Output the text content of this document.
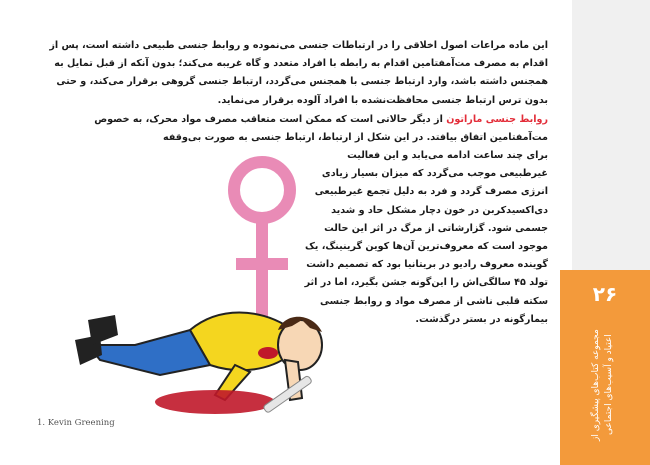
۲۶
مجموعه کتاب‌های پیشگیری از اعتیاد و آسیب‌های اجتماعی
این ماده مراعات اصول اخلاقی را در ارتباطات جنسی می‌نموده و روابط جنسی طبیعی داشته است، پس از اقدام به مصرف مت‌آمفتامین اقدام به رابطه با افراد متعدد و گاه غریبه می‌کند؛ بدون آنکه از قبل تمایل به همجنس داشته باشد، وارد ارتباط جنسی با همجنس می‌گردد، ارتباط جنسی گروهی برقرار می‌کند، و حتی بدون ترس ارتباط جنسی محافظت‌نشده با افراد آلوده برقرار می‌نماید.
روابط جنسی ماراتون از دیگر حالاتی است که ممکن است متعاقب مصرف مواد محرک، به خصوص مت‌آمفتامین اتفاق بیافتد. در این شکل از ارتباط، ارتباط جنسی به صورت بی‌وقفه
برای چند ساعت ادامه می‌یابد و این فعالیت غیرطبیعی موجب می‌گردد که میزان بسیار زیادی انرژی مصرف گردد و فرد به دلیل تجمع غیرطبیعی دی‌اکسیدکربن در خون دچار مشکل حاد و شدید جسمی شود. گزارشاتی از مرگ در اثر این حالت موجود است که معروف‌ترین آن‌ها کوین گرینینگ، یک گوینده معروف رادیو در بریتانیا بود که تصمیم داشت تولد ۴۵ سالگی‌اش را این‌گونه جشن بگیرد، اما در اثر سکته قلبی ناشی از مصرف مواد و روابط جنسی بیمارگونه در بستر درگذشت.
1. Kevin Greening
